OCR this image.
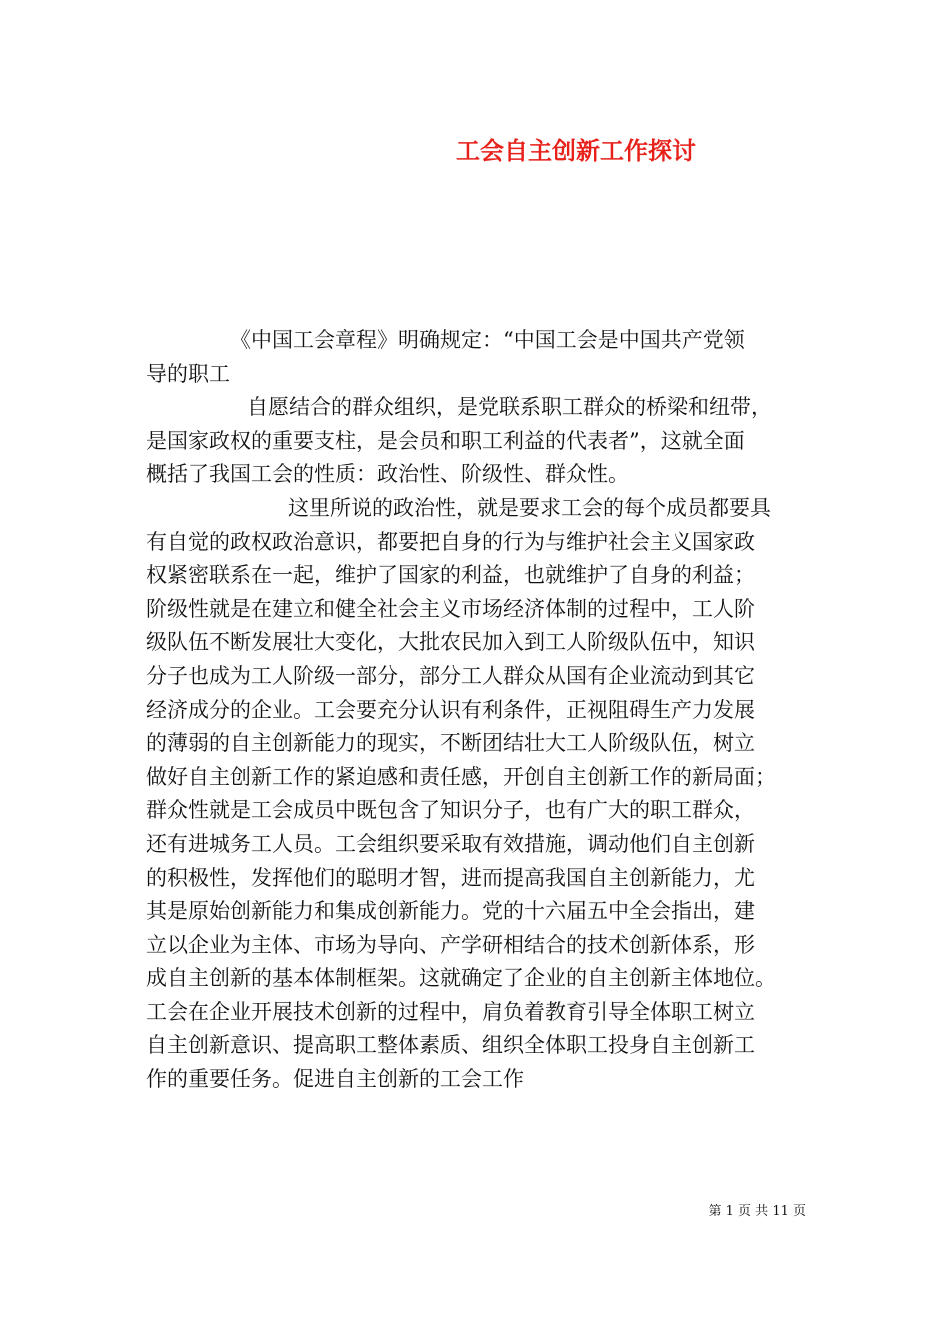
工会自主创新工作探讨
《中国工会章程》明确规定：“中国工会是中国共产党领
导的职工
自愿结合的群众组织，是党联系职工群众的桥梁和纽带，
是国家政权的重要支柱，是会员和职工利益的代表者”，这就全面
概括了我国工会的性质：政治性、阶级性、群众性。
这里所说的政治性，就是要求工会的每个成员都要具
有自觉的政权政治意识，都要把自身的行为与维护社会主义国家政
权紧密联系在一起，维护了国家的利益，也就维护了自身的利益；
阶级性就是在建立和健全社会主义市场经济体制的过程中，工人阶
级队伍不断发展壮大变化，大批农民加入到工人阶级队伍中，知识
分子也成为工人阶级一部分，部分工人群众从国有企业流动到其它
经济成分的企业。工会要充分认识有利条件，正视阻碍生产力发展
的薄弱的自主创新能力的现实，不断团结壮大工人阶级队伍，树立
做好自主创新工作的紧迫感和责任感，开创自主创新工作的新局面；
群众性就是工会成员中既包含了知识分子，也有广大的职工群众，
还有进城务工人员。工会组织要采取有效措施，调动他们自主创新
的积极性，发挥他们的聪明才智，进而提高我国自主创新能力，尤
其是原始创新能力和集成创新能力。党的十六届五中全会指出，建
立以企业为主体、市场为导向、产学研相结合的技术创新体系，形
成自主创新的基本体制框架。这就确定了企业的自主创新主体地位。
工会在企业开展技术创新的过程中，肩负着教育引导全体职工树立
自主创新意识、提高职工整体素质、组织全体职工投身自主创新工
作的重要任务。促进自主创新的工会工作
第 1 页 共 11 页
